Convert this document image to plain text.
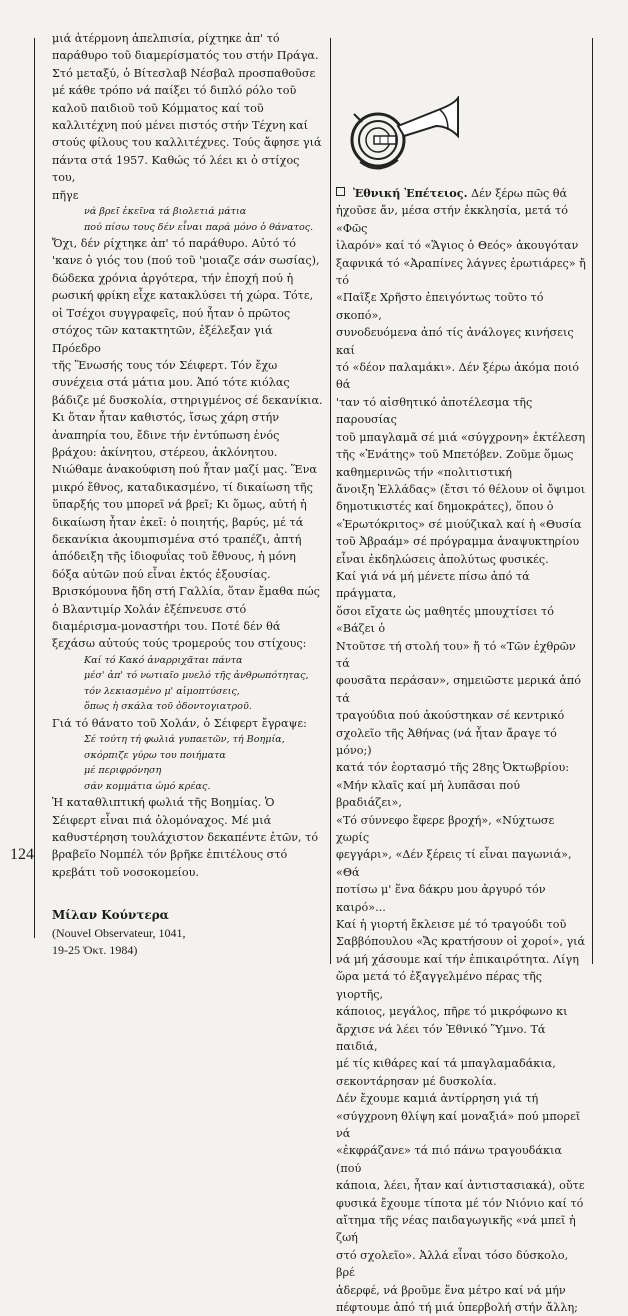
124

μιά ἀτέρμονη ἀπελπισία, ρίχτηκε ἀπ' τό

παράθυρο τοῦ διαμερίσματός του στήν Πράγα.

Στό μεταξύ, ὁ Βίτεσλαβ Νέσβαλ προσπαθοῦσε

μέ κάθε τρόπο νά παίξει τό διπλό ρόλο τοῦ

καλοῦ παιδιοῦ τοῦ Κόμματος καί τοῦ

καλλιτέχνη πού μένει πιστός στήν Τέχνη καί

στούς φίλους του καλλιτέχνες. Τούς ἄφησε γιά

πάντα στά 1957. Καθώς τό λέει κι ὁ στίχος του,

πῆγε

νά βρεῖ ἐκεῖνα τά βιολετιά μάτια

πού πίσω τους δέν εἶναι παρά μόνο ὁ θάνατος.

Ὄχι, δέν ρίχτηκε ἀπ' τό παράθυρο. Αὐτό τό

'κανε ὁ γιός του (πού τοῦ 'μοιαζε σάν σωσίας),

δώδεκα χρόνια ἀργότερα, τήν ἐποχή πού ἡ

ρωσική φρίκη εἶχε κατακλύσει τή χώρα. Τότε,

οἱ Τσέχοι συγγραφεῖς, πού ἦταν ὁ πρῶτος

στόχος τῶν κατακτητῶν, ἐξέλεξαν γιά Πρόεδρο

τῆς Ἕνωσής τους τόν Σέιφερτ. Τόν ἔχω

συνέχεια στά μάτια μου. Ἀπό τότε κιόλας

βάδιζε μέ δυσκολία, στηριγμένος σέ δεκανίκια.

Κι ὅταν ἦταν καθιστός, ἴσως χάρη στήν

ἀναπηρία του, ἔδινε τήν ἐντύπωση ἑνός

βράχου: ἀκίνητου, στέρεου, ἀκλόνητου.

Νιώθαμε ἀνακούφιση πού ἦταν μαζί μας. Ἕνα

μικρό ἔθνος, καταδικασμένο, τί δικαίωση τῆς

ὕπαρξής του μπορεῖ νά βρεῖ; Κι ὅμως, αὐτή ἡ

δικαίωση ἦταν ἐκεῖ: ὁ ποιητής, βαρύς, μέ τά

δεκανίκια ἀκουμπισμένα στό τραπέζι, ἀπτή

ἀπόδειξη τῆς ἰδιοφυΐας τοῦ ἔθνους, ἡ μόνη

δόξα αὐτῶν πού εἶναι ἐκτός ἐξουσίας.

Βρισκόμουνα ἤδη στή Γαλλία, ὅταν ἔμαθα πώς

ὁ Βλαντιμίρ Χολάν ἐξέπνευσε στό

διαμέρισμα-μοναστήρι του. Ποτέ δέν θά

ξεχάσω αὐτούς τούς τρομερούς του στίχους:

Καί τό Κακό ἀναρριχᾶται πάντα

μέσ' ἀπ' τό νωτιαῖο μυελό τῆς ἀνθρωπότητας,

τόν λεκιασμένο μ' αἱμοπτύσεις,

ὅπως ἡ σκάλα τοῦ ὀδοντογιατροῦ.

Γιά τό θάνατο τοῦ Χολάν, ὁ Σέιφερτ ἔγραψε:

Σέ τούτη τή φωλιά γυπαετῶν, τή Βοημία,

σκόρπιζε γύρω του ποιήματα

μέ περιφρόνηση

σάν κομμάτια ὠμό κρέας.

Ἡ καταθλιπτική φωλιά τῆς Βοημίας. Ὁ

Σέιφερτ εἶναι πιά ὁλομόναχος. Μέ μιά

καθυστέρηση τουλάχιστον δεκαπέντε ἐτῶν, τό

βραβεῖο Νομπέλ τόν βρῆκε ἐπιτέλους στό

κρεβάτι τοῦ νοσοκομείου.

Μίλαν Κούντερα

(Nouvel Observateur, 1041,

19-25 Ὀκτ. 1984)

Ἐθνική Ἐπέτειος. Δέν ξέρω πῶς θά

ἠχοῦσε ἄν, μέσα στήν ἐκκλησία, μετά τό «Φῶς

ἱλαρόν» καί τό «Ἅγιος ὁ Θεός» ἀκουγόταν

ξαφνικά τό «Ἀραπίνες λάγνες ἐρωτιάρες» ἤ τό

«Παῖξε Χρῆστο ἐπειγόντως τοῦτο τό σκοπό»,

συνοδευόμενα ἀπό τίς ἀνάλογες κινήσεις καί

τό «δέον παλαμάκι». Δέν ξέρω ἀκόμα ποιό θά

'ταν τό αἰσθητικό ἀποτέλεσμα τῆς παρουσίας

τοῦ μπαγλαμᾶ σέ μιά «σύγχρονη» ἐκτέλεση

τῆς «Ἐνάτης» τοῦ Μπετόβεν. Ζοῦμε ὅμως

καθημερινῶς τήν «πολιτιστική

ἄνοιξη Ἑλλάδας» (ἔτσι τό θέλουν οἱ ὄψιμοι

δημοτικιστές καί δημοκράτες), ὅπου ὁ

«Ἐρωτόκριτος» σέ μιούζικαλ καί ἡ «Θυσία

τοῦ Ἀβραάμ» σέ πρόγραμμα ἀναψυκτηρίου

εἶναι ἐκδηλώσεις ἀπολύτως φυσικές.

Καί γιά νά μή μένετε πίσω ἀπό τά πράγματα,

ὅσοι εἴχατε ὡς μαθητές μπουχτίσει τό «Βάζει ὁ

Ντοῦτσε τή στολή του» ἤ τό «Τῶν ἐχθρῶν τά

φουσᾶτα περάσαν», σημειῶστε μερικά ἀπό τά

τραγούδια πού ἀκούστηκαν σέ κεντρικό

σχολεῖο τῆς Ἀθήνας (νά ἦταν ἄραγε τό μόνο;)

κατά τόν ἑορτασμό τῆς 28ης Ὀκτωβρίου:

«Μήν κλαῖς καί μή λυπᾶσαι πού βραδιάζει»,

«Τό σύννεφο ἔφερε βροχή», «Νύχτωσε χωρίς

φεγγάρι», «Δέν ξέρεις τί εἶναι παγωνιά», «Θά

ποτίσω μ' ἕνα δάκρυ μου ἀργυρό τόν καιρό»...

Καί ἡ γιορτή ἔκλεισε μέ τό τραγούδι τοῦ

Σαββόπουλου «Ἄς κρατήσουν οἱ χοροί», γιά

νά μή χάσουμε καί τήν ἐπικαιρότητα. Λίγη

ὥρα μετά τό ἐξαγγελμένο πέρας τῆς γιορτῆς,

κάποιος, μεγάλος, πῆρε τό μικρόφωνο κι

ἄρχισε νά λέει τόν Ἐθνικό Ὕμνο. Τά παιδιά,

μέ τίς κιθάρες καί τά μπαγλαμαδάκια,

σεκοντάρησαν μέ δυσκολία.

Δέν ἔχουμε καμιά ἀντίρρηση γιά τή

«σύγχρονη θλίψη καί μοναξιά» πού μπορεῖ νά

«ἐκφράζανε» τά πιό πάνω τραγουδάκια (πού

κάποια, λέει, ἦταν καί ἀντιστασιακά), οὔτε

φυσικά ἔχουμε τίποτα μέ τόν Νιόνιο καί τό

αἴτημα τῆς νέας παιδαγωγικῆς «νά μπεῖ ἡ ζωή

στό σχολεῖο». Ἀλλά εἶναι τόσο δύσκολο, βρέ

ἀδερφέ, νά βροῦμε ἕνα μέτρο καί νά μήν

πέφτουμε ἀπό τή μιά ὑπερβολή στήν ἄλλη;
